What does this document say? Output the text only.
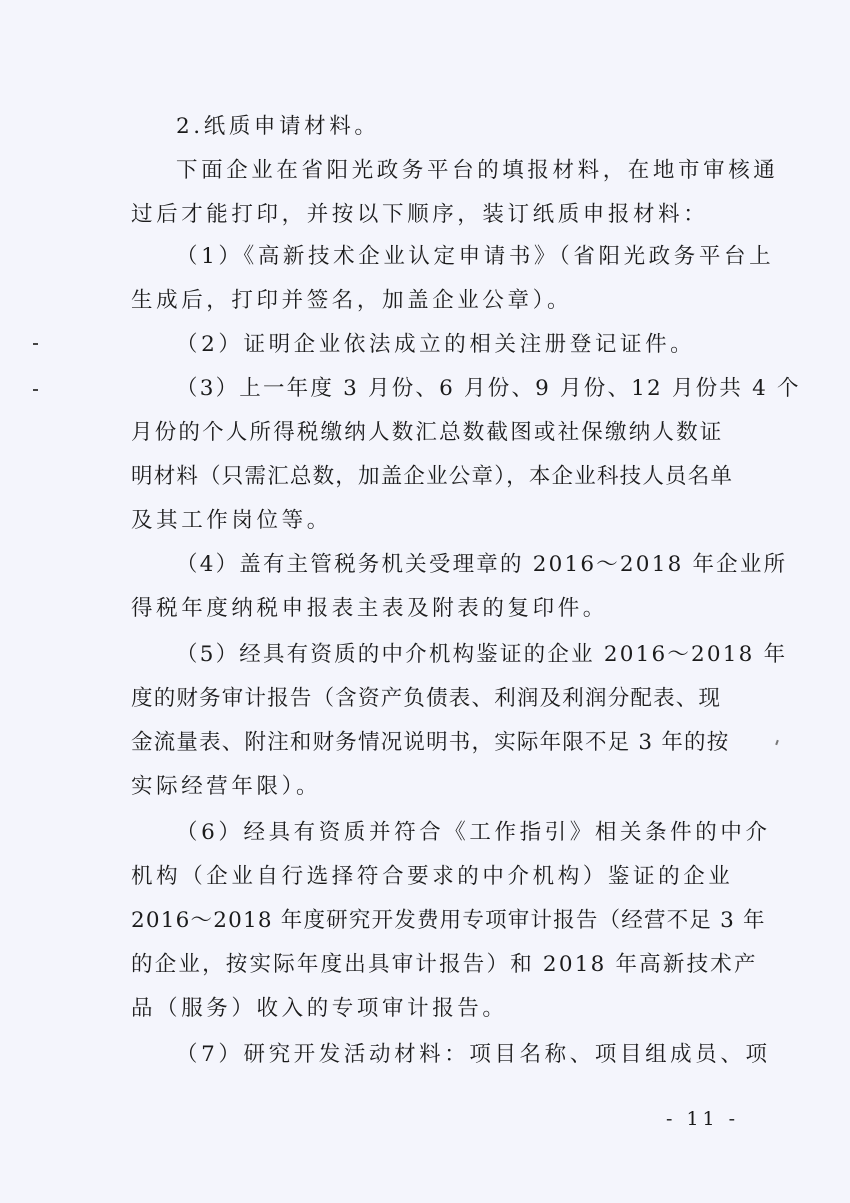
2.纸质申请材料。
下面企业在省阳光政务平台的填报材料，在地市审核通
过后才能打印，并按以下顺序，装订纸质申报材料：
（1）《高新技术企业认定申请书》（省阳光政务平台上
生成后，打印并签名，加盖企业公章）。
（2）证明企业依法成立的相关注册登记证件。
（3）上一年度 3 月份、6 月份、9 月份、12 月份共 4 个
月份的个人所得税缴纳人数汇总数截图或社保缴纳人数证
明材料（只需汇总数，加盖企业公章），本企业科技人员名单
及其工作岗位等。
（4）盖有主管税务机关受理章的 2016～2018 年企业所
得税年度纳税申报表主表及附表的复印件。
（5）经具有资质的中介机构鉴证的企业 2016～2018 年
度的财务审计报告（含资产负债表、利润及利润分配表、现
金流量表、附注和财务情况说明书，实际年限不足 3 年的按
实际经营年限）。
（6）经具有资质并符合《工作指引》相关条件的中介
机构（企业自行选择符合要求的中介机构）鉴证的企业
2016～2018 年度研究开发费用专项审计报告（经营不足 3 年
的企业，按实际年度出具审计报告）和 2018 年高新技术产
品（服务）收入的专项审计报告。
（7）研究开发活动材料：项目名称、项目组成员、项
- 11 -
